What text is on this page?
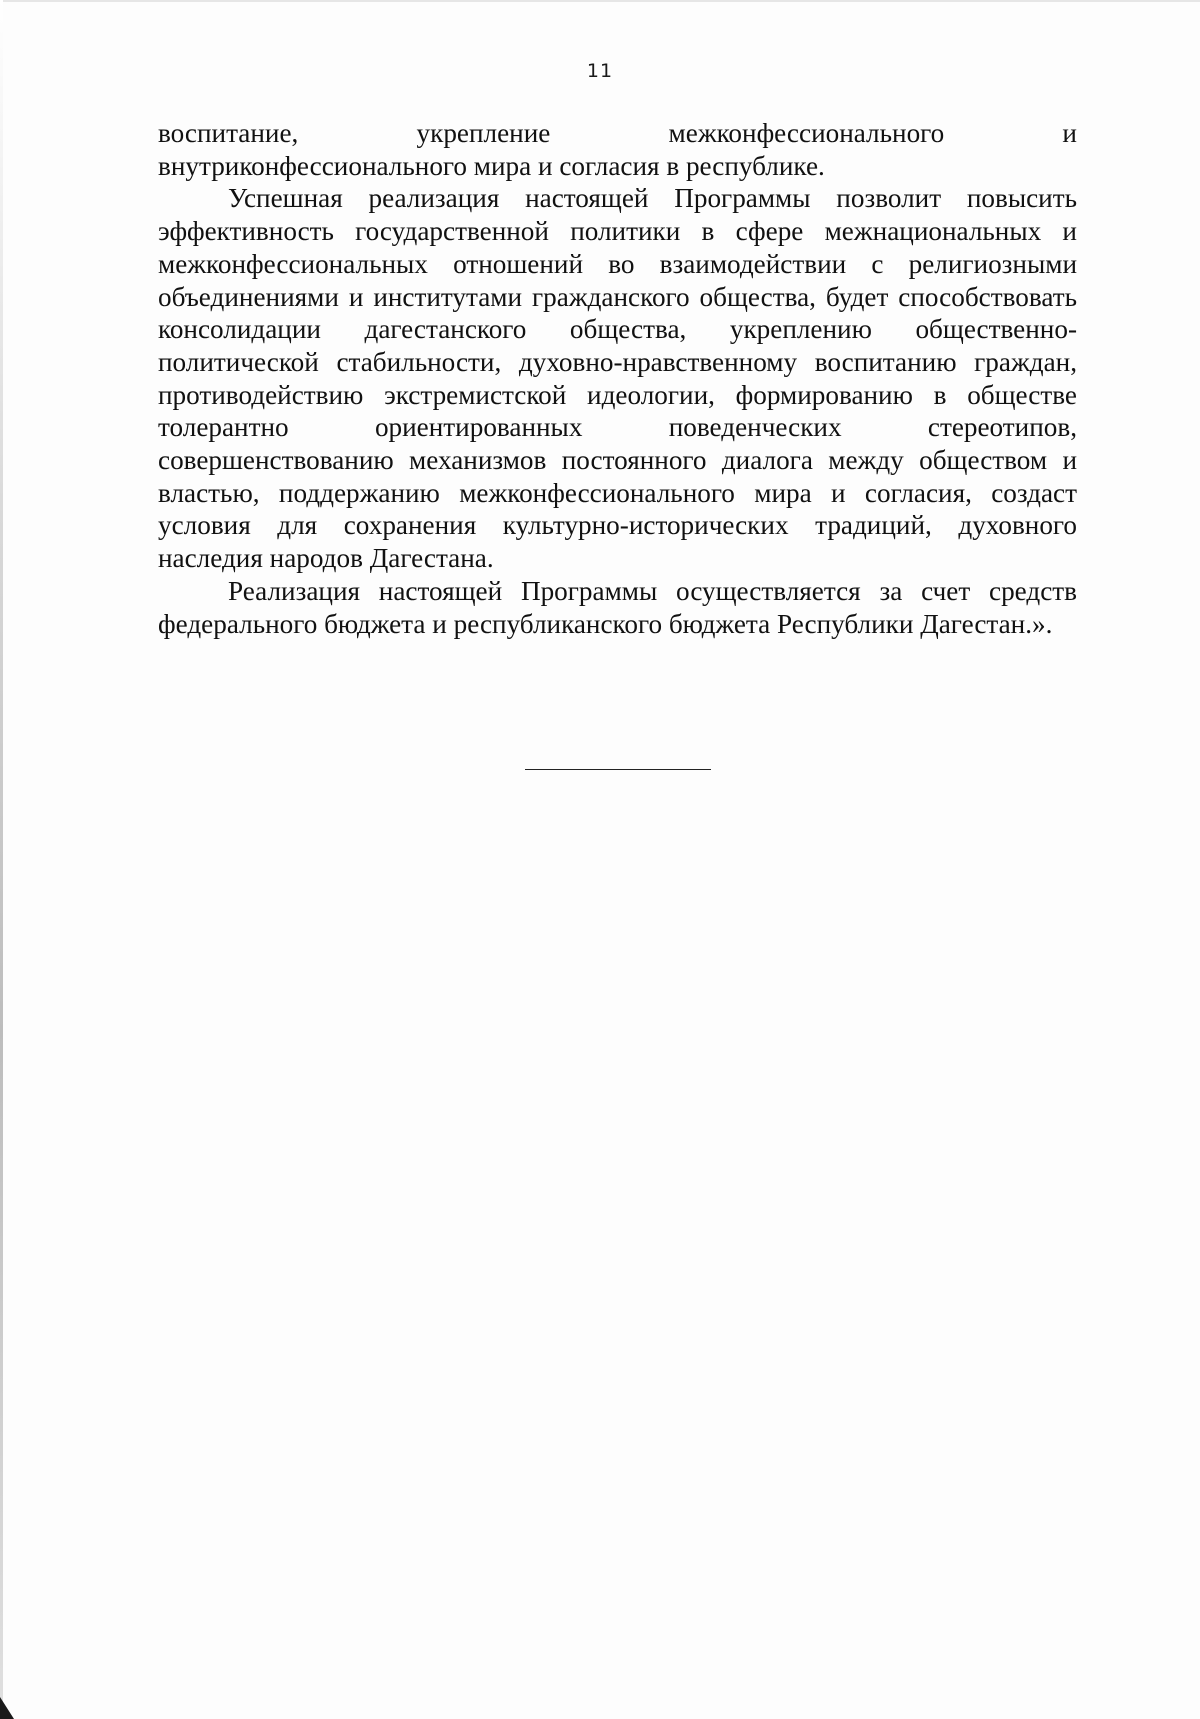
11

воспитание, укрепление межконфессионального и
внутриконфессионального мира и согласия в республике.

Успешная реализация настоящей Программы позволит повысить эффективность государственной политики в сфере межнациональных и межконфессиональных отношений во взаимодействии с религиозными объединениями и институтами гражданского общества, будет способствовать консолидации дагестанского общества, укреплению общественно-политической стабильности, духовно-нравственному воспитанию граждан, противодействию экстремистской идеологии, формированию в обществе толерантно ориентированных поведенческих стереотипов, совершенствованию механизмов постоянного диалога между обществом и властью, поддержанию межконфессионального мира и согласия, создаст условия для сохранения культурно-исторических традиций, духовного наследия народов Дагестана.

Реализация настоящей Программы осуществляется за счет средств федерального бюджета и республиканского бюджета Республики Дагестан.».
